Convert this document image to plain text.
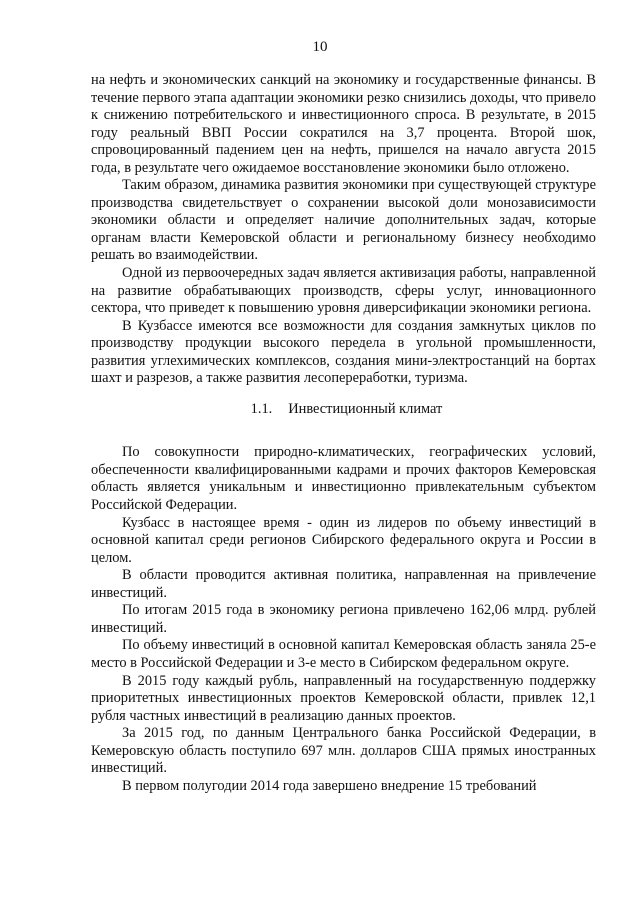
10

на нефть и экономических санкций на экономику и государственные финансы. В течение первого этапа адаптации экономики резко снизились доходы, что привело к снижению потребительского и инвестиционного спроса. В результате, в 2015 году реальный ВВП России сократился на 3,7 процента. Второй шок, спровоцированный падением цен на нефть, пришелся на начало августа 2015 года, в результате чего ожидаемое восстановление экономики было отложено.

Таким образом, динамика развития экономики при существующей структуре производства свидетельствует о сохранении высокой доли монозависимости экономики области и определяет наличие дополнительных задач, которые органам власти Кемеровской области и региональному бизнесу необходимо решать во взаимодействии.

Одной из первоочередных задач является активизация работы, направленной на развитие обрабатывающих производств, сферы услуг, инновационного сектора, что приведет к повышению уровня диверсификации экономики региона.

В Кузбассе имеются все возможности для создания замкнутых циклов по производству продукции высокого передела в угольной промышленности, развития углехимических комплексов, создания мини-электростанций на бортах шахт и разрезов, а также развития лесопереработки, туризма.

1.1. Инвестиционный климат

По совокупности природно-климатических, географических условий, обеспеченности квалифицированными кадрами и прочих факторов Кемеровская область является уникальным и инвестиционно привлекательным субъектом Российской Федерации.

Кузбасс в настоящее время - один из лидеров по объему инвестиций в основной капитал среди регионов Сибирского федерального округа и России в целом.

В области проводится активная политика, направленная на привлечение инвестиций.

По итогам 2015 года в экономику региона привлечено 162,06 млрд. рублей инвестиций.

По объему инвестиций в основной капитал Кемеровская область заняла 25-е место в Российской Федерации и 3-е место в Сибирском федеральном округе.

В 2015 году каждый рубль, направленный на государственную поддержку приоритетных инвестиционных проектов Кемеровской области, привлек 12,1 рубля частных инвестиций в реализацию данных проектов.

За 2015 год, по данным Центрального банка Российской Федерации, в Кемеровскую область поступило 697 млн. долларов США прямых иностранных инвестиций.

В первом полугодии 2014 года завершено внедрение 15 требований
